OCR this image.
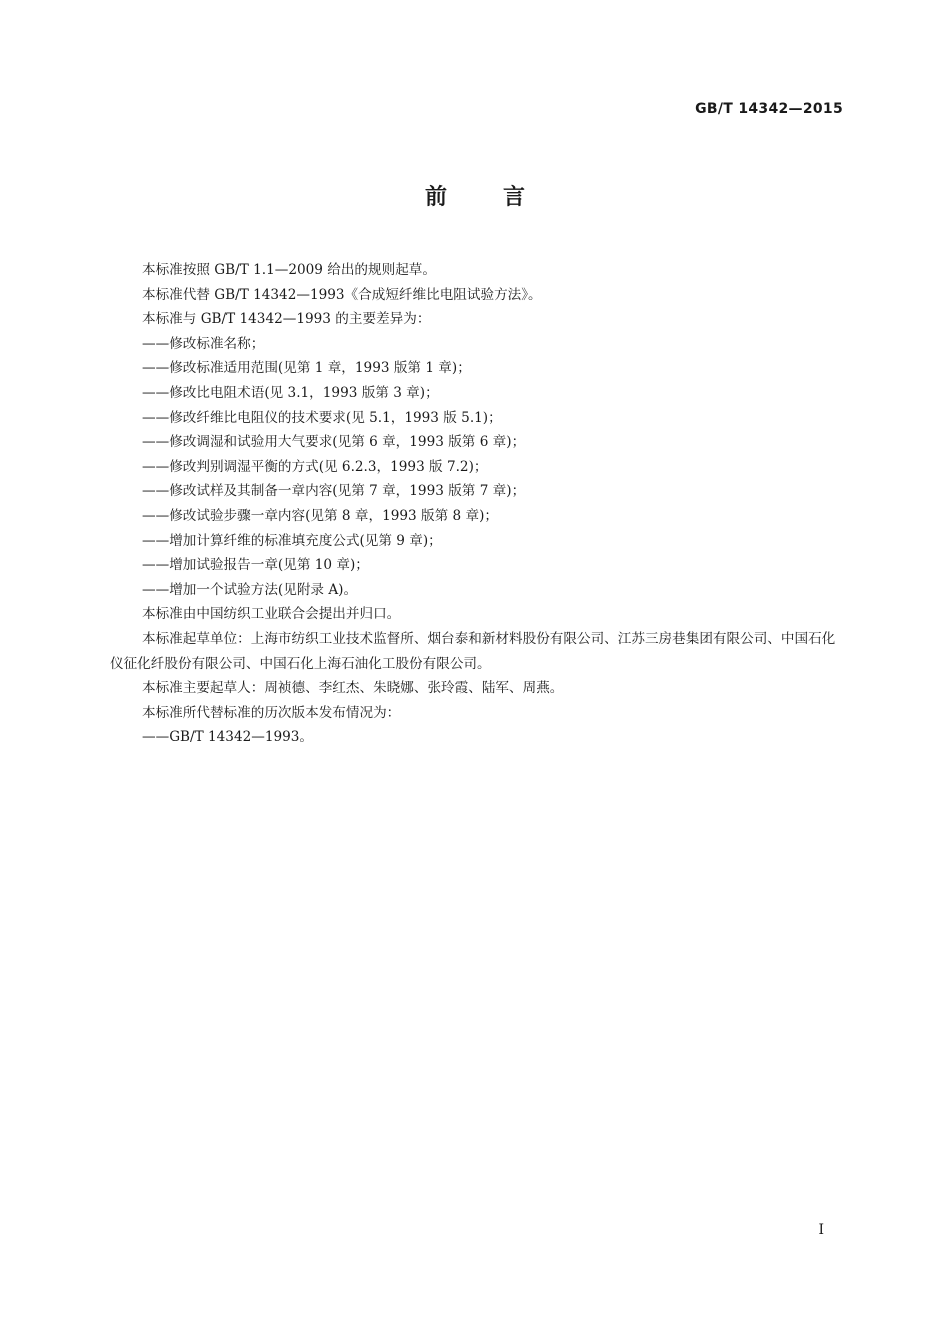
GB/T 14342—2015
前言

本标准按照 GB/T 1.1—2009 给出的规则起草。

本标准代替 GB/T 14342—1993《合成短纤维比电阻试验方法》。

本标准与 GB/T 14342—1993 的主要差异为：

——修改标准名称；

——修改标准适用范围(见第 1 章，1993 版第 1 章)；

——修改比电阻术语(见 3.1，1993 版第 3 章)；

——修改纤维比电阻仪的技术要求(见 5.1，1993 版 5.1)；

——修改调湿和试验用大气要求(见第 6 章，1993 版第 6 章)；

——修改判别调湿平衡的方式(见 6.2.3，1993 版 7.2)；

——修改试样及其制备一章内容(见第 7 章，1993 版第 7 章)；

——修改试验步骤一章内容(见第 8 章，1993 版第 8 章)；

——增加计算纤维的标准填充度公式(见第 9 章)；

——增加试验报告一章(见第 10 章)；

——增加一个试验方法(见附录 A)。

本标准由中国纺织工业联合会提出并归口。

本标准起草单位：上海市纺织工业技术监督所、烟台泰和新材料股份有限公司、江苏三房巷集团有限公司、中国石化仪征化纤股份有限公司、中国石化上海石油化工股份有限公司。

本标准主要起草人：周祯德、李红杰、朱晓娜、张玲霞、陆军、周燕。

本标准所代替标准的历次版本发布情况为：

——GB/T 14342—1993。

I
